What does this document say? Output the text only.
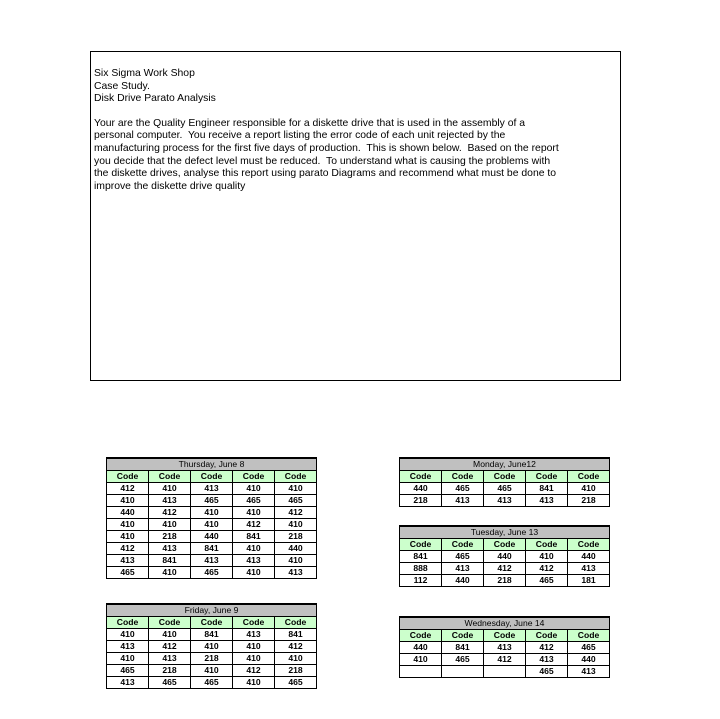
Six Sigma Work Shop
Case Study.
Disk Drive Parato Analysis
Your are the Quality Engineer responsible for a diskette drive that is used in the assembly of a
personal computer.  You receive a report listing the error code of each unit rejected by the
manufacturing process for the first five days of production.  This is shown below.  Based on the report
you decide that the defect level must be reduced.  To understand what is causing the problems with
the diskette drives, analyse this report using parato Diagrams and recommend what must be done to
improve the diskette drive quality
Thursday, June 8				
Code	Code	Code	Code	Code
412	410	413	410	410
410	413	465	465	465
440	412	410	410	412
410	410	410	412	410
410	218	440	841	218
412	413	841	410	440
413	841	413	413	410
465	410	465	410	413
Friday, June 9				
Code	Code	Code	Code	Code
410	410	841	413	841
413	412	410	410	412
410	413	218	410	410
465	218	410	412	218
413	465	465	410	465
Monday, June12				
Code	Code	Code	Code	Code
440	465	465	841	410
218	413	413	413	218
Tuesday, June 13				
Code	Code	Code	Code	Code
841	465	440	410	440
888	413	412	412	413
112	440	218	465	181
Wednesday, June 14				
Code	Code	Code	Code	Code
440	841	413	412	465
410	465	412	413	440
			465	413
